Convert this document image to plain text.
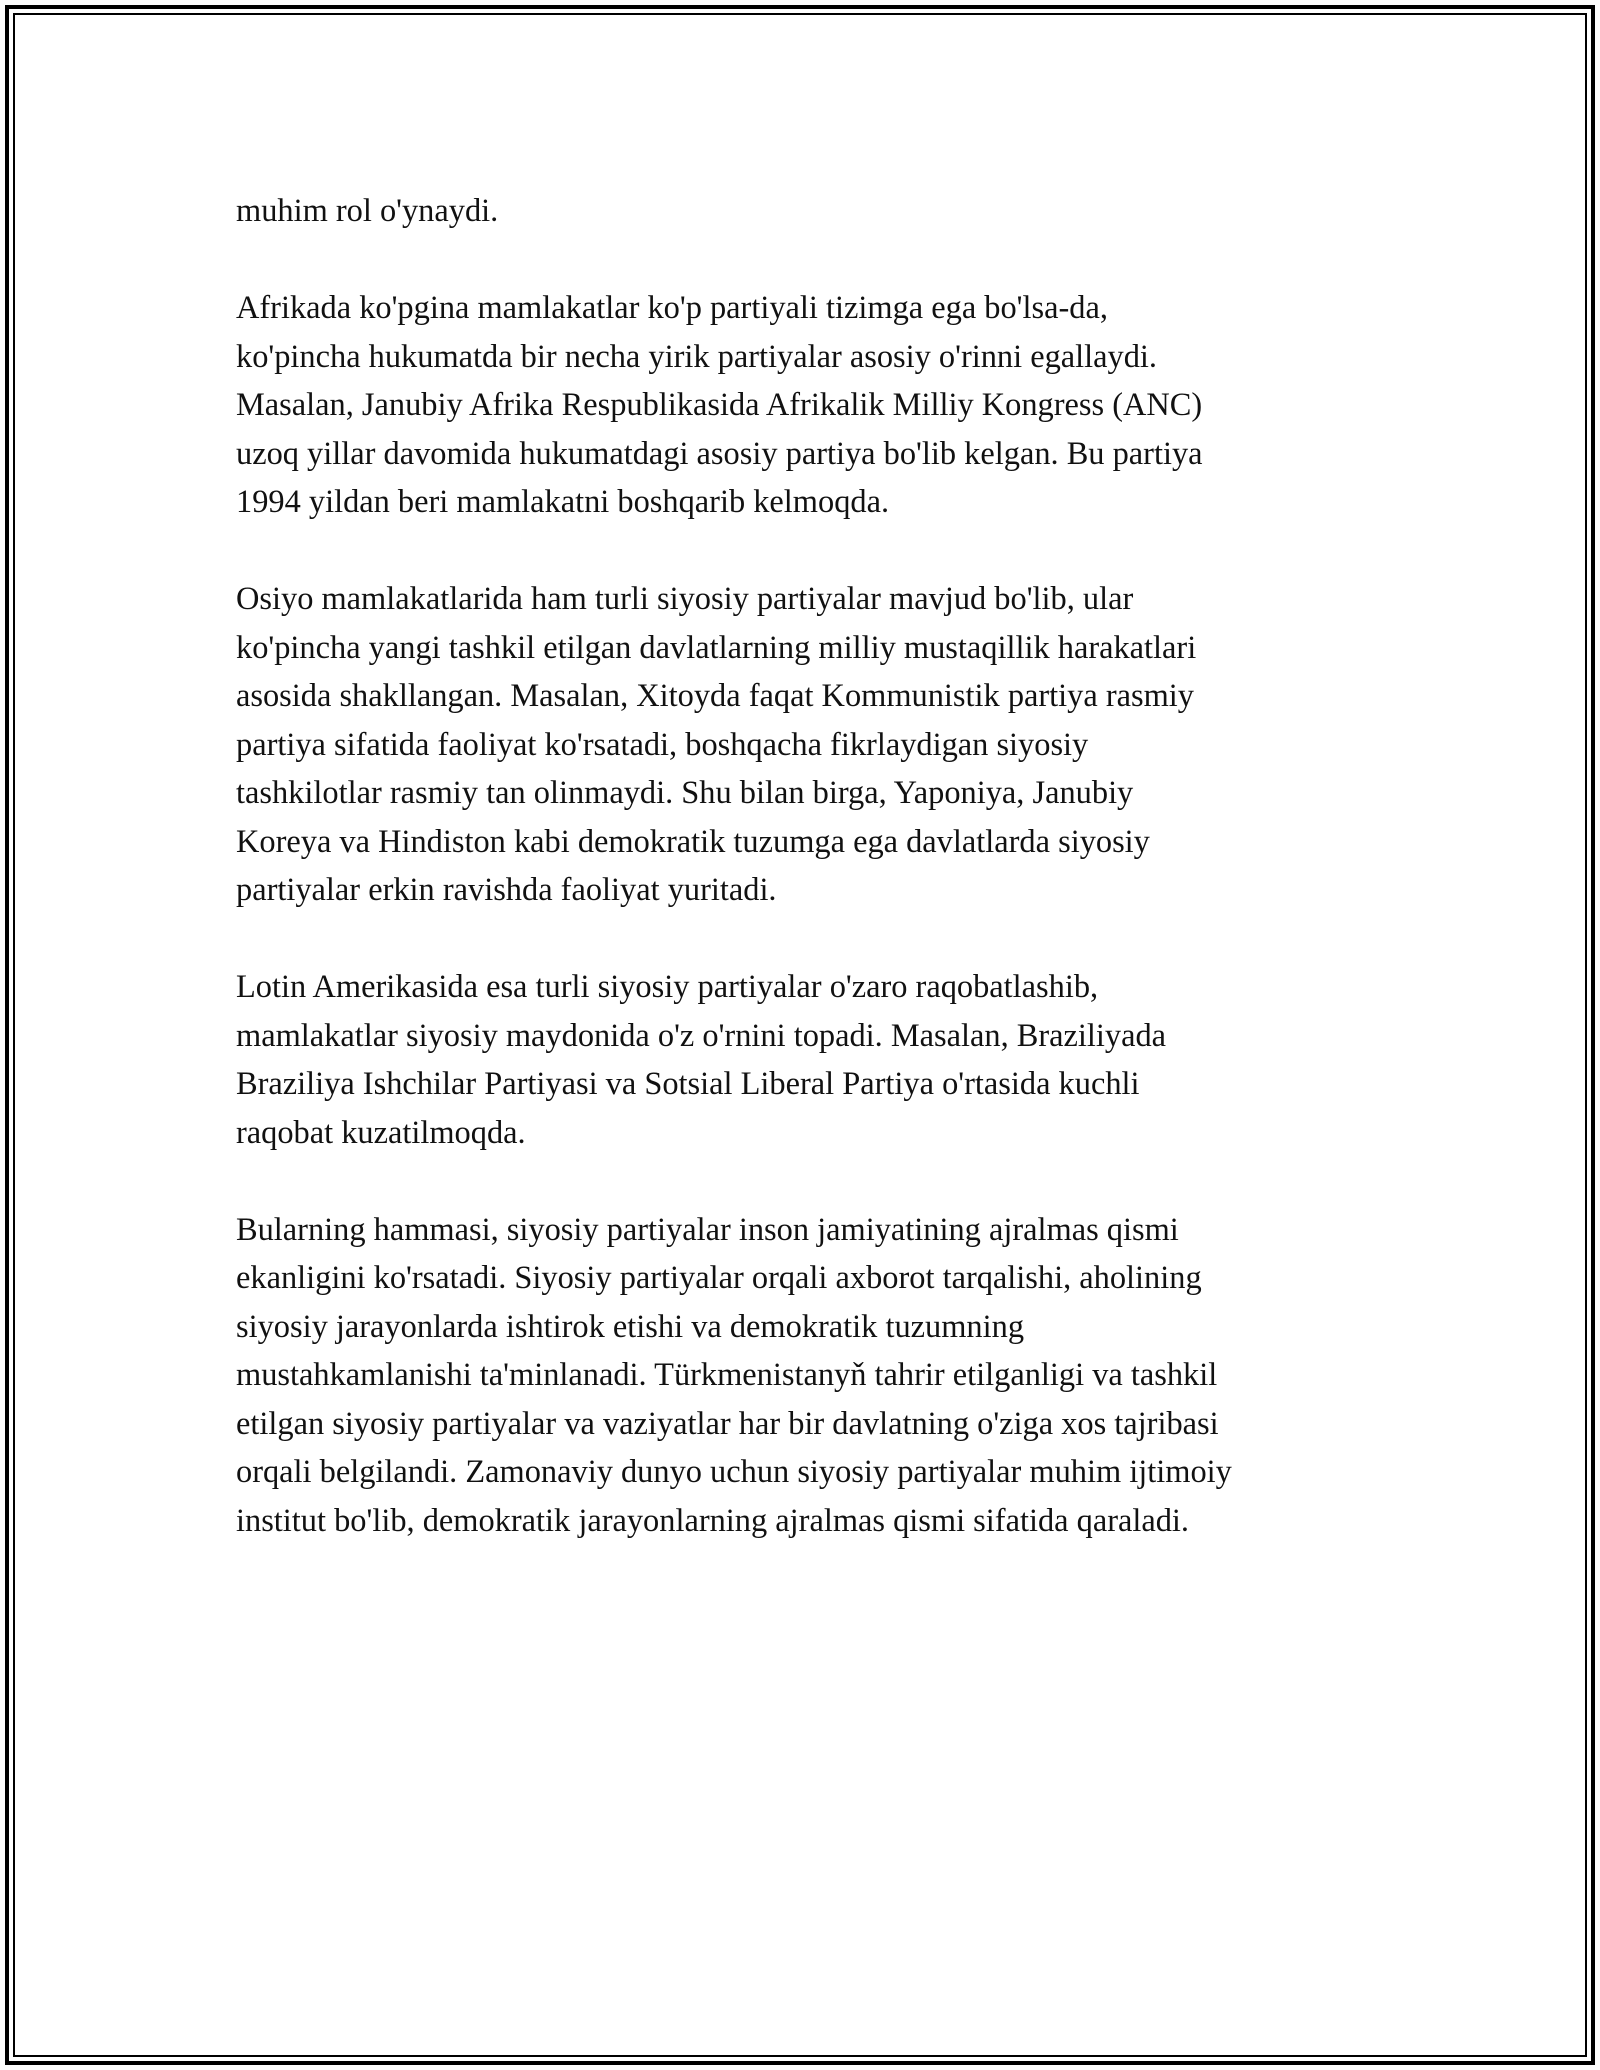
muhim rol o'ynaydi.

Afrikada ko'pgina mamlakatlar ko'p partiyali tizimga ega bo'lsa-da,
ko'pincha hukumatda bir necha yirik partiyalar asosiy o'rinni egallaydi.
Masalan, Janubiy Afrika Respublikasida Afrikalik Milliy Kongress (ANC)
uzoq yillar davomida hukumatdagi asosiy partiya bo'lib kelgan. Bu partiya
1994 yildan beri mamlakatni boshqarib kelmoqda.

Osiyo mamlakatlarida ham turli siyosiy partiyalar mavjud bo'lib, ular
ko'pincha yangi tashkil etilgan davlatlarning milliy mustaqillik harakatlari
asosida shakllangan. Masalan, Xitoyda faqat Kommunistik partiya rasmiy
partiya sifatida faoliyat ko'rsatadi, boshqacha fikrlaydigan siyosiy
tashkilotlar rasmiy tan olinmaydi. Shu bilan birga, Yaponiya, Janubiy
Koreya va Hindiston kabi demokratik tuzumga ega davlatlarda siyosiy
partiyalar erkin ravishda faoliyat yuritadi.

Lotin Amerikasida esa turli siyosiy partiyalar o'zaro raqobatlashib,
mamlakatlar siyosiy maydonida o'z o'rnini topadi. Masalan, Braziliyada
Braziliya Ishchilar Partiyasi va Sotsial Liberal Partiya o'rtasida kuchli
raqobat kuzatilmoqda.

Bularning hammasi, siyosiy partiyalar inson jamiyatining ajralmas qismi
ekanligini ko'rsatadi. Siyosiy partiyalar orqali axborot tarqalishi, aholining
siyosiy jarayonlarda ishtirok etishi va demokratik tuzumning
mustahkamlanishi ta'minlanadi. Türkmenistanyň tahrir etilganligi va tashkil
etilgan siyosiy partiyalar va vaziyatlar har bir davlatning o'ziga xos tajribasi
orqali belgilandi. Zamonaviy dunyo uchun siyosiy partiyalar muhim ijtimoiy
institut bo'lib, demokratik jarayonlarning ajralmas qismi sifatida qaraladi.
